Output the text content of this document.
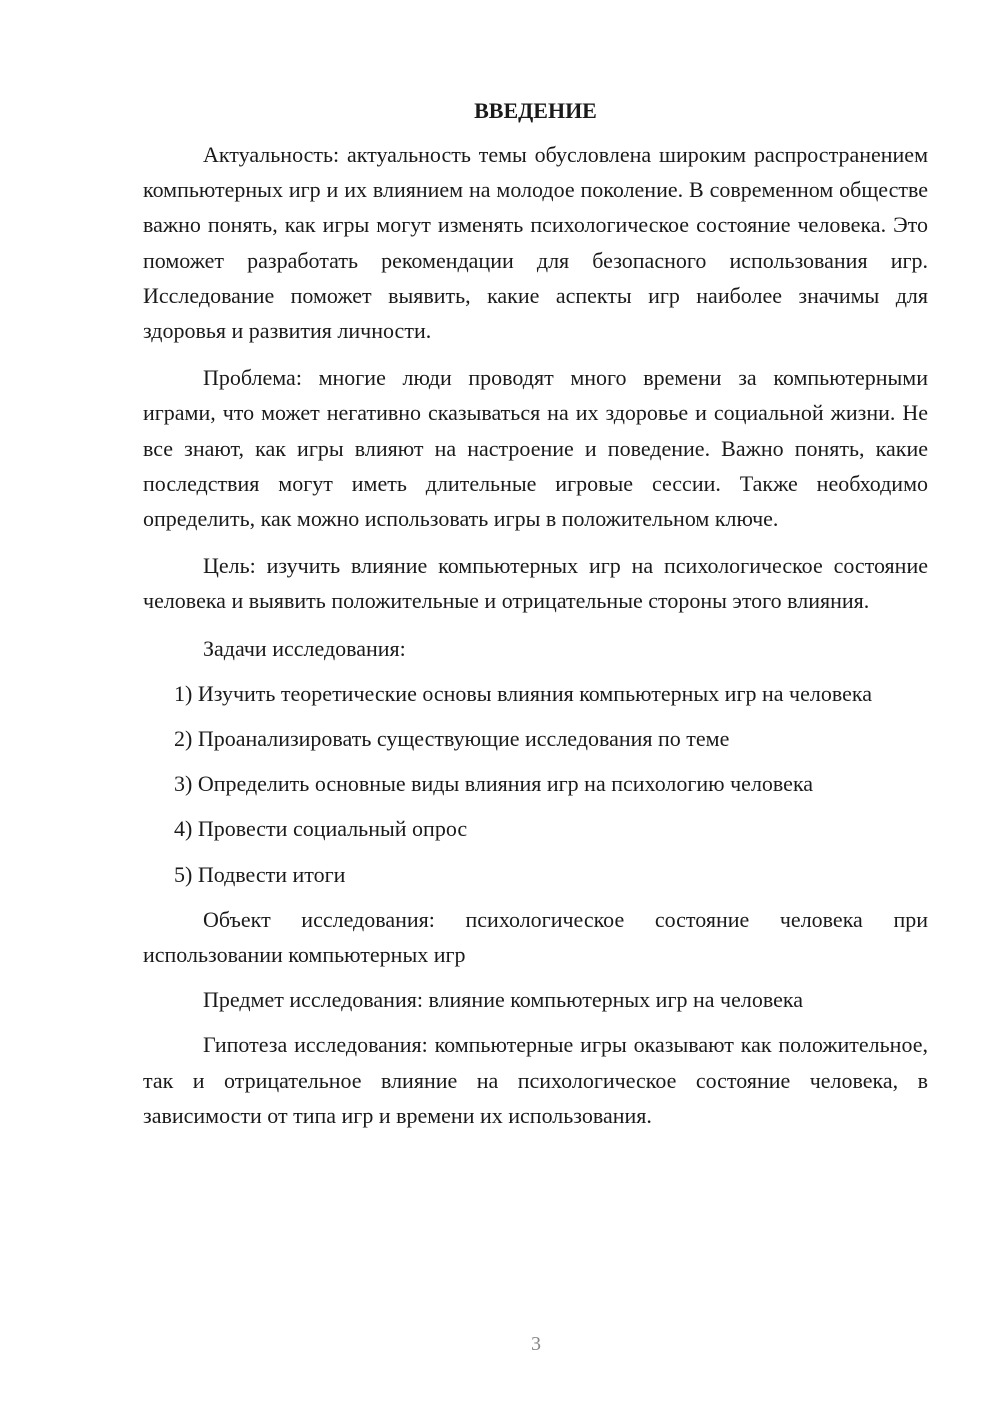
ВВЕДЕНИЕ

Актуальность: актуальность темы обусловлена широким распространением компьютерных игр и их влиянием на молодое поколение. В современном обществе важно понять, как игры могут изменять психологическое состояние человека. Это поможет разработать рекомендации для безопасного использования игр. Исследование поможет выявить, какие аспекты игр наиболее значимы для здоровья и развития личности.

Проблема: многие люди проводят много времени за компьютерными играми, что может негативно сказываться на их здоровье и социальной жизни. Не все знают, как игры влияют на настроение и поведение. Важно понять, какие последствия могут иметь длительные игровые сессии. Также необходимо определить, как можно использовать игры в положительном ключе.

Цель: изучить влияние компьютерных игр на психологическое состояние человека и выявить положительные и отрицательные стороны этого влияния.

Задачи исследования:

1) Изучить теоретические основы влияния компьютерных игр на человека

2) Проанализировать существующие исследования по теме

3) Определить основные виды влияния игр на психологию человека

4) Провести социальный опрос

5) Подвести итоги

Объект исследования: психологическое состояние человека при использовании компьютерных игр

Предмет исследования: влияние компьютерных игр на человека

Гипотеза исследования: компьютерные игры оказывают как положительное, так и отрицательное влияние на психологическое состояние человека, в зависимости от типа игр и времени их использования.

3
